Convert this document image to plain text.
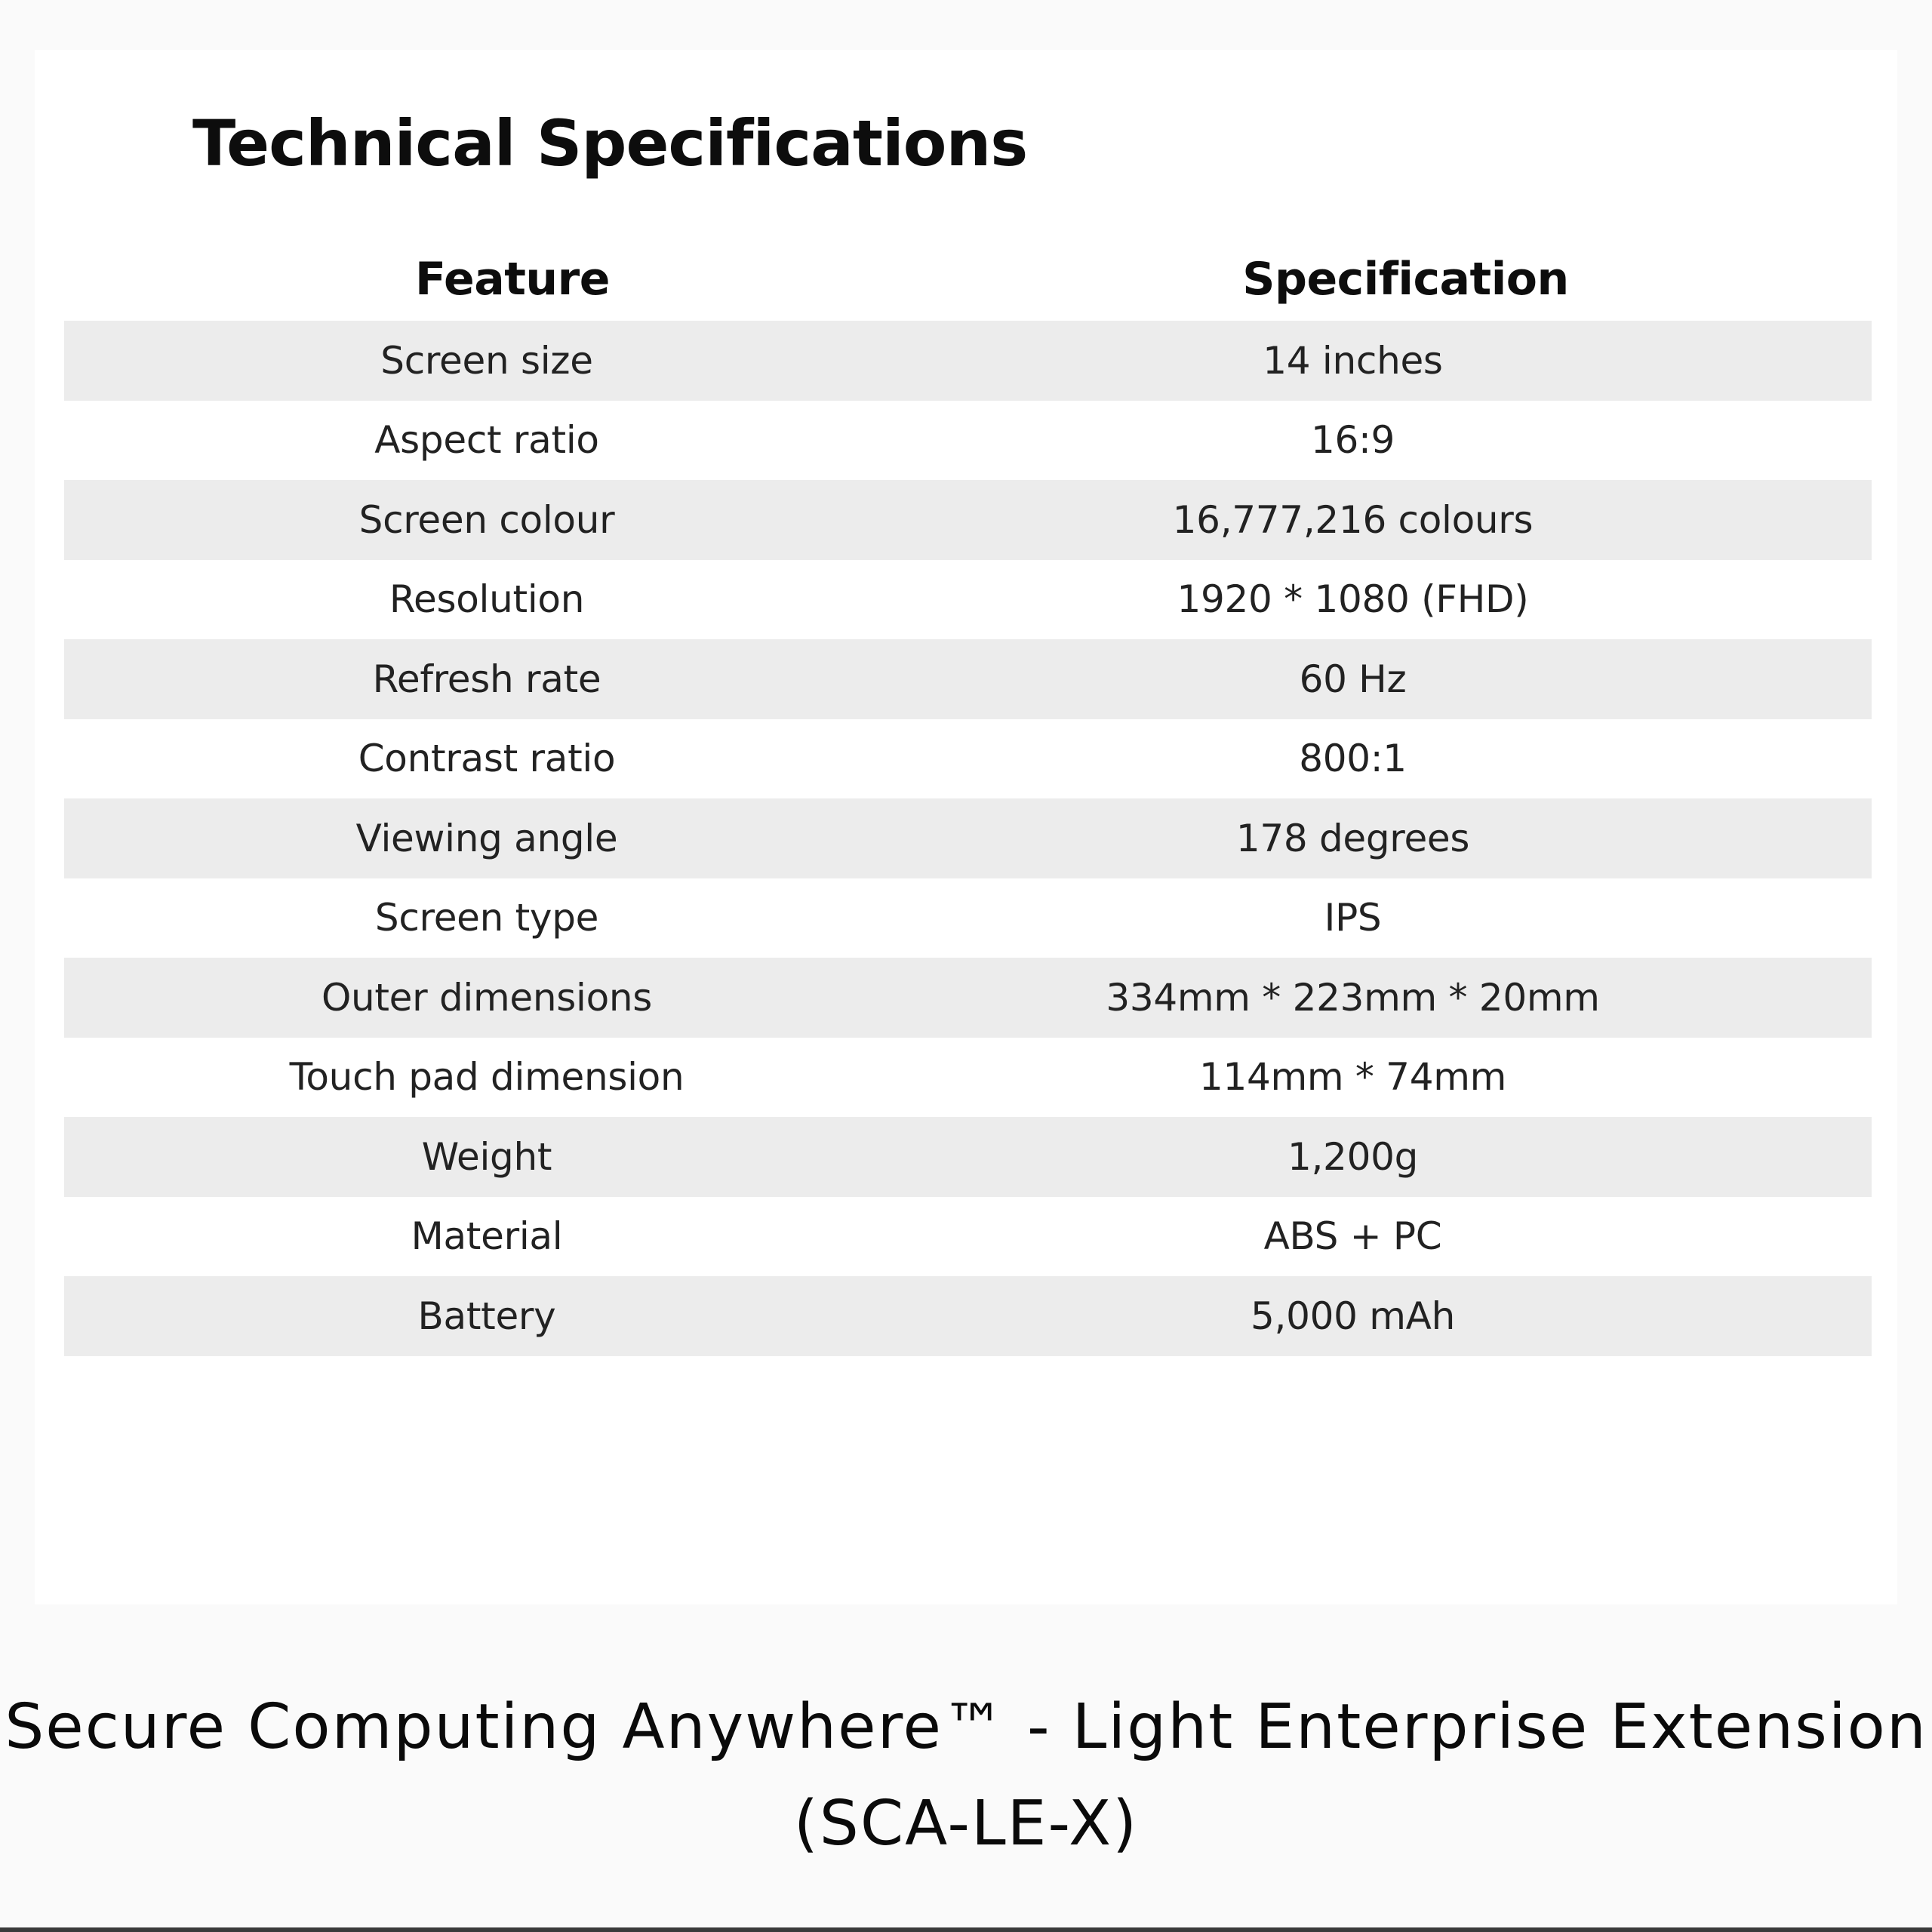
Technical Specifications
Feature	Specification
Screen size	14 inches
Aspect ratio	16:9
Screen colour	16,777,216 colours
Resolution	1920 * 1080 (FHD)
Refresh rate	60 Hz
Contrast ratio	800:1
Viewing angle	178 degrees
Screen type	IPS
Outer dimensions	334mm * 223mm * 20mm
Touch pad dimension	114mm * 74mm
Weight	1,200g
Material	ABS + PC
Battery	5,000 mAh
Secure Computing Anywhere™ - Light Enterprise Extension
(SCA-LE-X)
